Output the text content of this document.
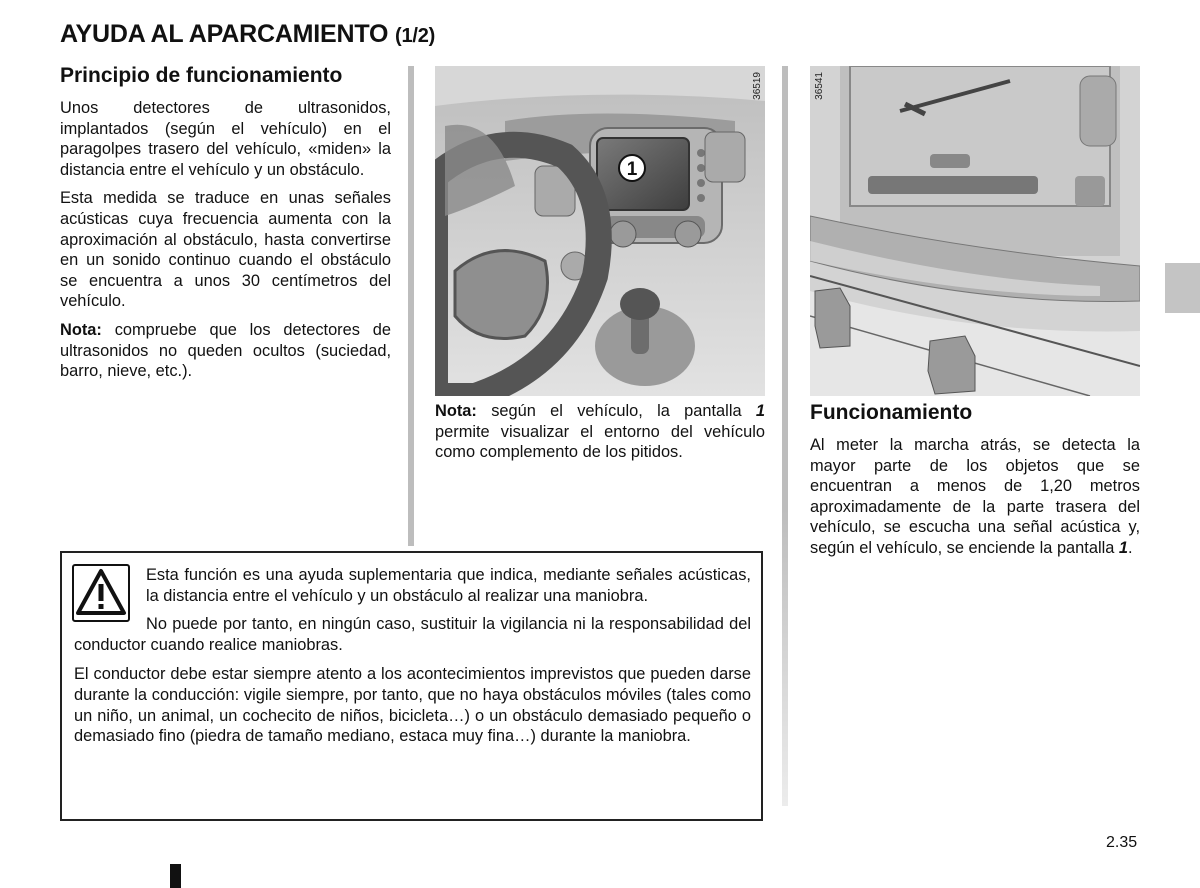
AYUDA AL APARCAMIENTO (1/2)
Principio de funcionamiento

Unos detectores de ultrasonidos, implantados (según el vehículo) en el paragolpes trasero del vehículo, «miden» la distancia entre el vehículo y un obstáculo.

Esta medida se traduce en unas señales acústicas cuya frecuencia aumenta con la aproximación al obstáculo, hasta convertirse en un sonido continuo cuando el obstáculo se encuentra a unos 30 centímetros del vehículo.

Nota: compruebe que los detectores de ultrasonidos no queden ocultos (suciedad, barro, nieve, etc.).

1
36519

Nota: según el vehículo, la pantalla 1 permite visualizar el entorno del vehículo como complemento de los pitidos.

36541
Funcionamiento

Al meter la marcha atrás, se detecta la mayor parte de los objetos que se encuentran a menos de 1,20 metros aproximadamente de la parte trasera del vehículo, se escucha una señal acústica y, según el vehículo, se enciende la pantalla 1.

Esta función es una ayuda suplementaria que indica, mediante señales acústicas, la distancia entre el vehículo y un obstáculo al realizar una maniobra.

No puede por tanto, en ningún caso, sustituir la vigilancia ni la responsabilidad del conductor cuando realice maniobras.

El conductor debe estar siempre atento a los acontecimientos imprevistos que pueden darse durante la conducción: vigile siempre, por tanto, que no haya obstáculos móviles (tales como un niño, un animal, un cochecito de niños, bicicleta…) o un obstáculo demasiado pequeño o demasiado fino (piedra de tamaño mediano, estaca muy fina…) durante la maniobra.

2.35
